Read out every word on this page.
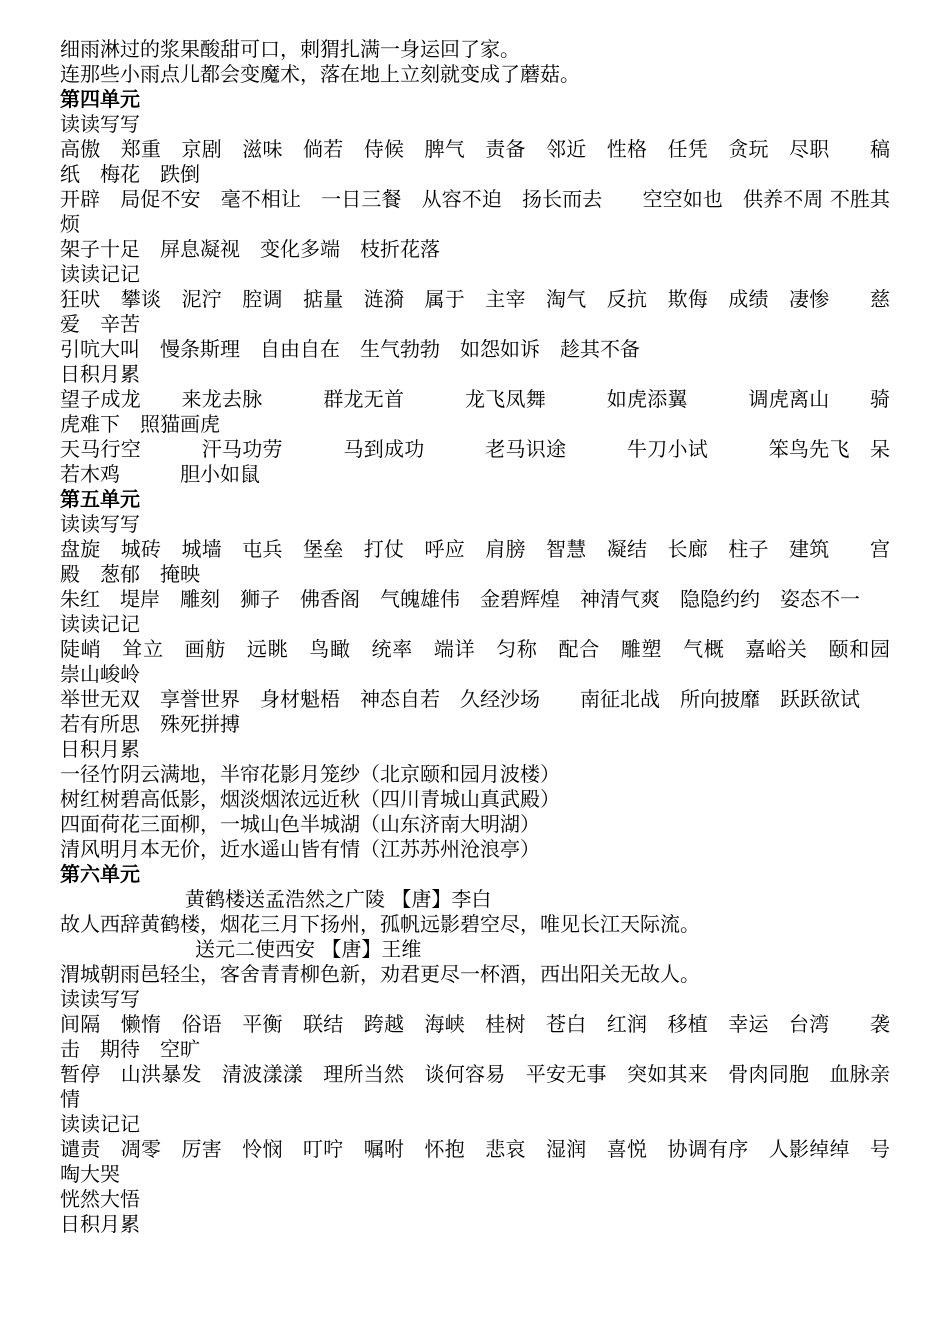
细雨淋过的浆果酸甜可口，刺猬扎满一身运回了家。
连那些小雨点儿都会变魔术，落在地上立刻就变成了蘑菇。
第四单元
读读写写
高傲　郑重　京剧　滋味　倘若　侍候　脾气　责备　邻近　性格　任凭　贪玩　尽职　　稿纸　梅花　跌倒
开辟　局促不安　毫不相让　一日三餐　从容不迫　扬长而去　　空空如也　供养不周 不胜其烦
架子十足　屏息凝视　变化多端　枝折花落
读读记记
狂吠　攀谈　泥泞　腔调　掂量　涟漪　属于　主宰　淘气　反抗　欺侮　成绩　凄惨　　慈爱　辛苦
引吭大叫　慢条斯理　自由自在　生气勃勃　如怨如诉　趁其不备
日积月累
望子成龙　　来龙去脉　　　群龙无首　　　龙飞凤舞　　　如虎添翼　　　调虎离山　　骑虎难下　照猫画虎
天马行空　　　汗马功劳　　　马到成功　　　老马识途　　　牛刀小试　　　笨鸟先飞　呆若木鸡　　　胆小如鼠
第五单元
读读写写
盘旋　城砖　城墙　屯兵　堡垒　打仗　呼应　肩膀　智慧　凝结　长廊　柱子　建筑　　宫殿　葱郁　掩映
朱红　堤岸　雕刻　狮子　佛香阁　气魄雄伟　金碧辉煌　神清气爽　隐隐约约　姿态不一
读读记记
陡峭　耸立　画舫　远眺　鸟瞰　统率　端详　匀称　配合　雕塑　气概　嘉峪关　颐和园　崇山峻岭
举世无双　享誉世界　身材魁梧　神态自若　久经沙场　　南征北战　所向披靡　跃跃欲试
若有所思　殊死拼搏
日积月累
一径竹阴云满地，半帘花影月笼纱（北京颐和园月波楼）
树红树碧高低影，烟淡烟浓远近秋（四川青城山真武殿）
四面荷花三面柳，一城山色半城湖（山东济南大明湖）
清风明月本无价，近水遥山皆有情（江苏苏州沧浪亭）
第六单元
黄鹤楼送孟浩然之广陵 【唐】李白
故人西辞黄鹤楼，烟花三月下扬州，孤帆远影碧空尽，唯见长江天际流。
送元二使西安 【唐】王维
渭城朝雨邑轻尘，客舍青青柳色新，劝君更尽一杯酒，西出阳关无故人。
读读写写
间隔　懒惰　俗语　平衡　联结　跨越　海峡　桂树　苍白　红润　移植　幸运　台湾　　袭击　期待　空旷
暂停　山洪暴发　清波漾漾　理所当然　谈何容易　平安无事　突如其来　骨肉同胞　血脉亲情
读读记记
谴责　凋零　厉害　怜悯　叮咛　嘱咐　怀抱　悲哀　湿润　喜悦　协调有序　人影绰绰　号啕大哭
恍然大悟
日积月累
